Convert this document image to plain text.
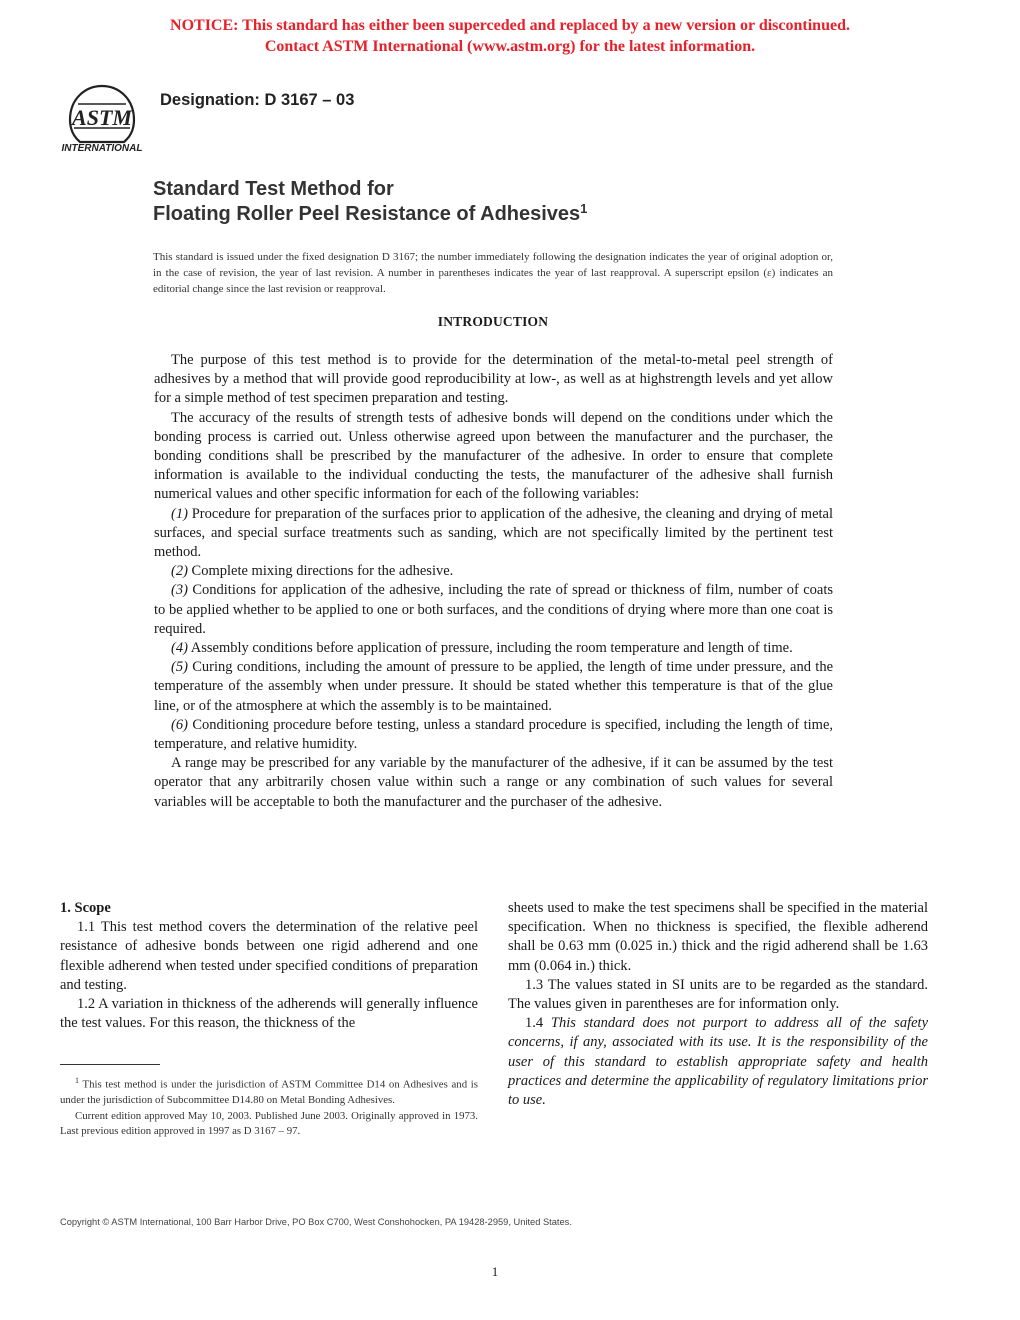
NOTICE: This standard has either been superceded and replaced by a new version or discontinued.
Contact ASTM International (www.astm.org) for the latest information.
ASTM
INTERNATIONAL
Designation: D 3167 – 03
Standard Test Method for
Floating Roller Peel Resistance of Adhesives$^1$
This standard is issued under the fixed designation D 3167; the number immediately following the designation indicates the year of original adoption or, in the case of revision, the year of last revision. A number in parentheses indicates the year of last reapproval. A superscript epsilon (ε) indicates an editorial change since the last revision or reapproval.
INTRODUCTION

The purpose of this test method is to provide for the determination of the metal-to-metal peel strength of adhesives by a method that will provide good reproducibility at low-, as well as at highstrength levels and yet allow for a simple method of test specimen preparation and testing.

The accuracy of the results of strength tests of adhesive bonds will depend on the conditions under which the bonding process is carried out. Unless otherwise agreed upon between the manufacturer and the purchaser, the bonding conditions shall be prescribed by the manufacturer of the adhesive. In order to ensure that complete information is available to the individual conducting the tests, the manufacturer of the adhesive shall furnish numerical values and other specific information for each of the following variables:

(1) Procedure for preparation of the surfaces prior to application of the adhesive, the cleaning and drying of metal surfaces, and special surface treatments such as sanding, which are not specifically limited by the pertinent test method.

(2) Complete mixing directions for the adhesive.

(3) Conditions for application of the adhesive, including the rate of spread or thickness of film, number of coats to be applied whether to be applied to one or both surfaces, and the conditions of drying where more than one coat is required.

(4) Assembly conditions before application of pressure, including the room temperature and length of time.

(5) Curing conditions, including the amount of pressure to be applied, the length of time under pressure, and the temperature of the assembly when under pressure. It should be stated whether this temperature is that of the glue line, or of the atmosphere at which the assembly is to be maintained.

(6) Conditioning procedure before testing, unless a standard procedure is specified, including the length of time, temperature, and relative humidity.

A range may be prescribed for any variable by the manufacturer of the adhesive, if it can be assumed by the test operator that any arbitrarily chosen value within such a range or any combination of such values for several variables will be acceptable to both the manufacturer and the purchaser of the adhesive.

1. Scope

1.1 This test method covers the determination of the relative peel resistance of adhesive bonds between one rigid adherend and one flexible adherend when tested under specified conditions of preparation and testing.

1.2 A variation in thickness of the adherends will generally influence the test values. For this reason, the thickness of the

sheets used to make the test specimens shall be specified in the material specification. When no thickness is specified, the flexible adherend shall be 0.63 mm (0.025 in.) thick and the rigid adherend shall be 1.63 mm (0.064 in.) thick.

1.3 The values stated in SI units are to be regarded as the standard. The values given in parentheses are for information only.

1.4 This standard does not purport to address all of the safety concerns, if any, associated with its use. It is the responsibility of the user of this standard to establish appropriate safety and health practices and determine the applicability of regulatory limitations prior to use.

$^1$ This test method is under the jurisdiction of ASTM Committee D14 on Adhesives and is under the jurisdiction of Subcommittee D14.80 on Metal Bonding Adhesives.

Current edition approved May 10, 2003. Published June 2003. Originally approved in 1973. Last previous edition approved in 1997 as D 3167 – 97.

Copyright © ASTM International, 100 Barr Harbor Drive, PO Box C700, West Conshohocken, PA 19428-2959, United States.
1
